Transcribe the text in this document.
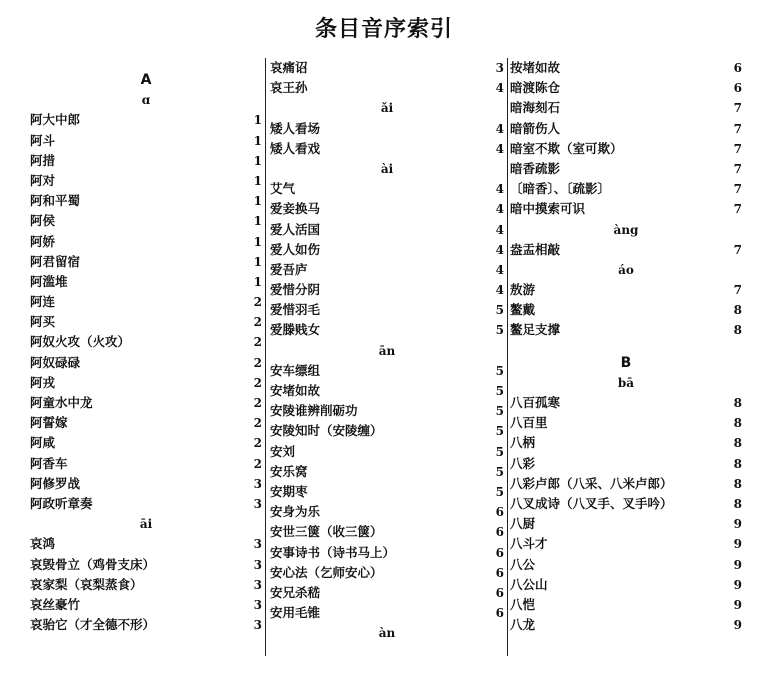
条目音序索引
A
ɑ
阿大中郎	1
阿斗	1
阿措	1
阿对	1
阿和平蜀	1
阿侯	1
阿娇	1
阿君留宿	1
阿滥堆	1
阿连	2
阿买	2
阿奴火攻（火攻）	2
阿奴碌碌	2
阿戎	2
阿童水中龙	2
阿誓嫁	2
阿咸	2
阿香车	2
阿修罗战	3
阿政听章奏	3
āi
哀鸿	3
哀毁骨立（鸡骨支床）	3
哀家梨（哀梨蒸食）	3
哀丝豪竹	3
哀骀它（才全德不形）	3
哀痛诏	3
哀王孙	4
ǎi
矮人看场	4
矮人看戏	4
ài
艾气	4
爱妾换马	4
爱人活国	4
爱人如伤	4
爱吾庐	4
爱惜分阴	4
爱惜羽毛	5
爱滕贱女	5
ān
安车缥组	5
安堵如故	5
安陵谁辨削砺功	5
安陵知时（安陵缠）	5
安刘	5
安乐窝	5
安期枣	5
安身为乐	6
安世三箧（收三箧）	6
安事诗书（诗书马上）	6
安心法（乞师安心）	6
安兄杀嵇	6
安用毛锥	6
àn
按堵如故	6
暗渡陈仓	6
暗海刻石	7
暗箭伤人	7
暗室不欺（室可欺）	7
暗香疏影	7
〔暗香〕、〔疏影〕	7
暗中摸索可识	7
àng
盎盂相敲	7
áo
敖游	7
鳌戴	8
鳌足支撑	8
B
bā
八百孤寒	8
八百里	8
八柄	8
八彩	8
八彩卢郎（八采、八米卢郎）	8
八叉成诗（八叉手、叉手吟）	8
八厨	9
八斗才	9
八公	9
八公山	9
八恺	9
八龙	9
